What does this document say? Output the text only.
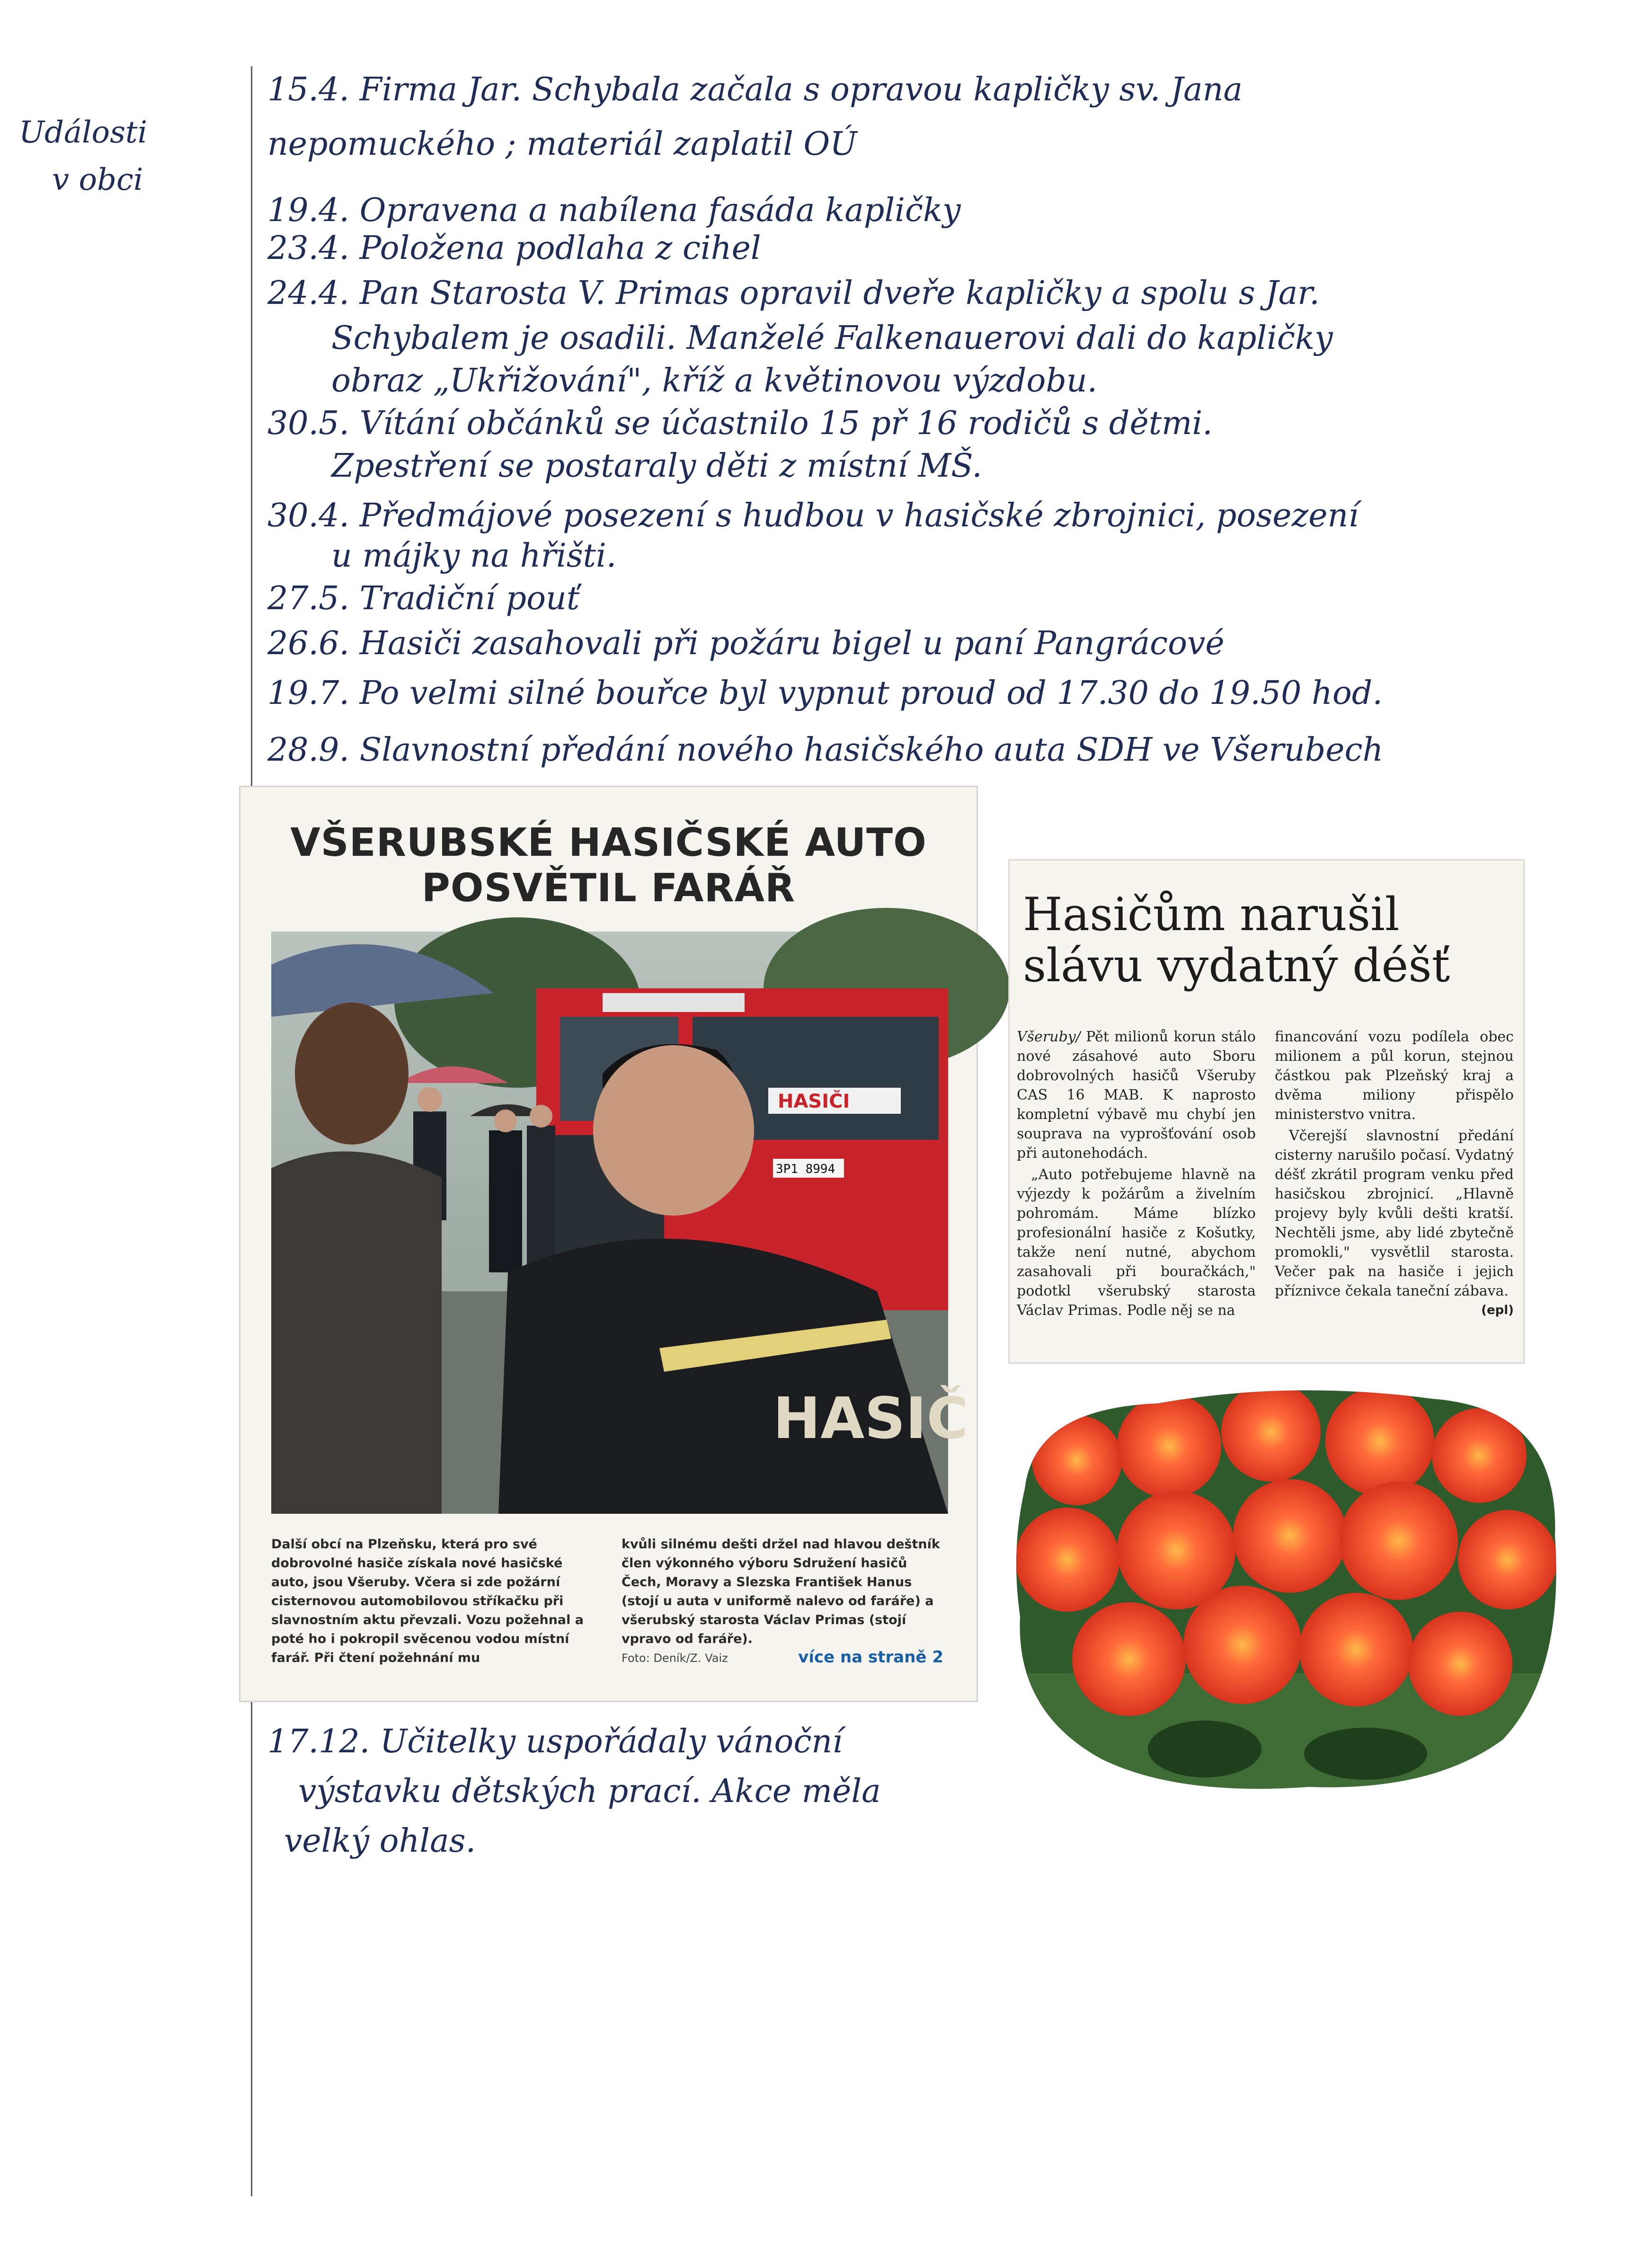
Události
v obci
15.4. Firma Jar. Schybala začala s opravou kapličky sv. Jana
nepomuckého ; materiál zaplatil OÚ
19.4. Opravena a nabílena fasáda kapličky
23.4. Položena podlaha z cihel
24.4. Pan Starosta V. Primas opravil dveře kapličky a spolu s Jar.
Schybalem je osadili. Manželé Falkenauerovi dali do kapličky
obraz „Ukřižování", kříž a květinovou výzdobu.
30.5. Vítání občánků se účastnilo 15 př 16 rodičů s dětmi.
Zpestření se postaraly děti z místní MŠ.
30.4. Předmájové posezení s hudbou v hasičské zbrojnici, posezení
u májky na hřišti.
27.5. Tradiční pouť
26.6. Hasiči zasahovali při požáru bigel u paní Pangrácové
19.7. Po velmi silné bouřce byl vypnut proud od 17.30 do 19.50 hod.
28.9. Slavnostní předání nového hasičského auta SDH ve Všerubech
VŠERUBSKÉ HASIČSKÉ AUTO
POSVĚTIL FARÁŘ
HASIČI
3P1 8994
HASIČ

Další obcí na Plzeňsku, která pro své dobrovolné hasiče získala nové hasičské auto, jsou Všeruby. Včera si zde požární cisternovou automobilovou stříkačku při slavnostním aktu převzali. Vozu požehnal a poté ho i pokropil svěcenou vodou místní farář. Při čtení požehnání mu

kvůli silnému dešti držel nad hlavou deštník člen výkonného výboru Sdružení hasičů Čech, Moravy a Slezska František Hanus (stojí u auta v uniformě nalevo od faráře) a všerubský starosta Václav Primas (stojí vpravo od faráře).

Foto: Deník/Z. Vaiz	více na straně 2
Hasičům narušil
slávu vydatný déšť

Všeruby/ Pět milionů korun stálo nové zásahové auto Sboru dobrovolných hasičů Všeruby CAS 16 MAB. K naprosto kompletní výbavě mu chybí jen souprava na vyprošťování osob při autonehodách.

„Auto potřebujeme hlavně na výjezdy k požárům a živelním pohromám. Máme blízko profesionální hasiče z Košutky, takže není nutné, abychom zasahovali při bouračkách," podotkl všerubský starosta Václav Primas. Podle něj se na

financování vozu podílela obec milionem a půl korun, stejnou částkou pak Plzeňský kraj a dvěma miliony přispělo ministerstvo vnitra.

Včerejší slavnostní předání cisterny narušilo počasí. Vydatný déšť zkrátil program venku před hasičskou zbrojnicí. „Hlavně projevy byly kvůli dešti kratší. Nechtěli jsme, aby lidé zbytečně promokli," vysvětlil starosta. Večer pak na hasiče i jejich příznivce čekala taneční zábava.
(epl)

17.12. Učitelky uspořádaly vánoční
výstavku dětských prací. Akce měla
velký ohlas.
